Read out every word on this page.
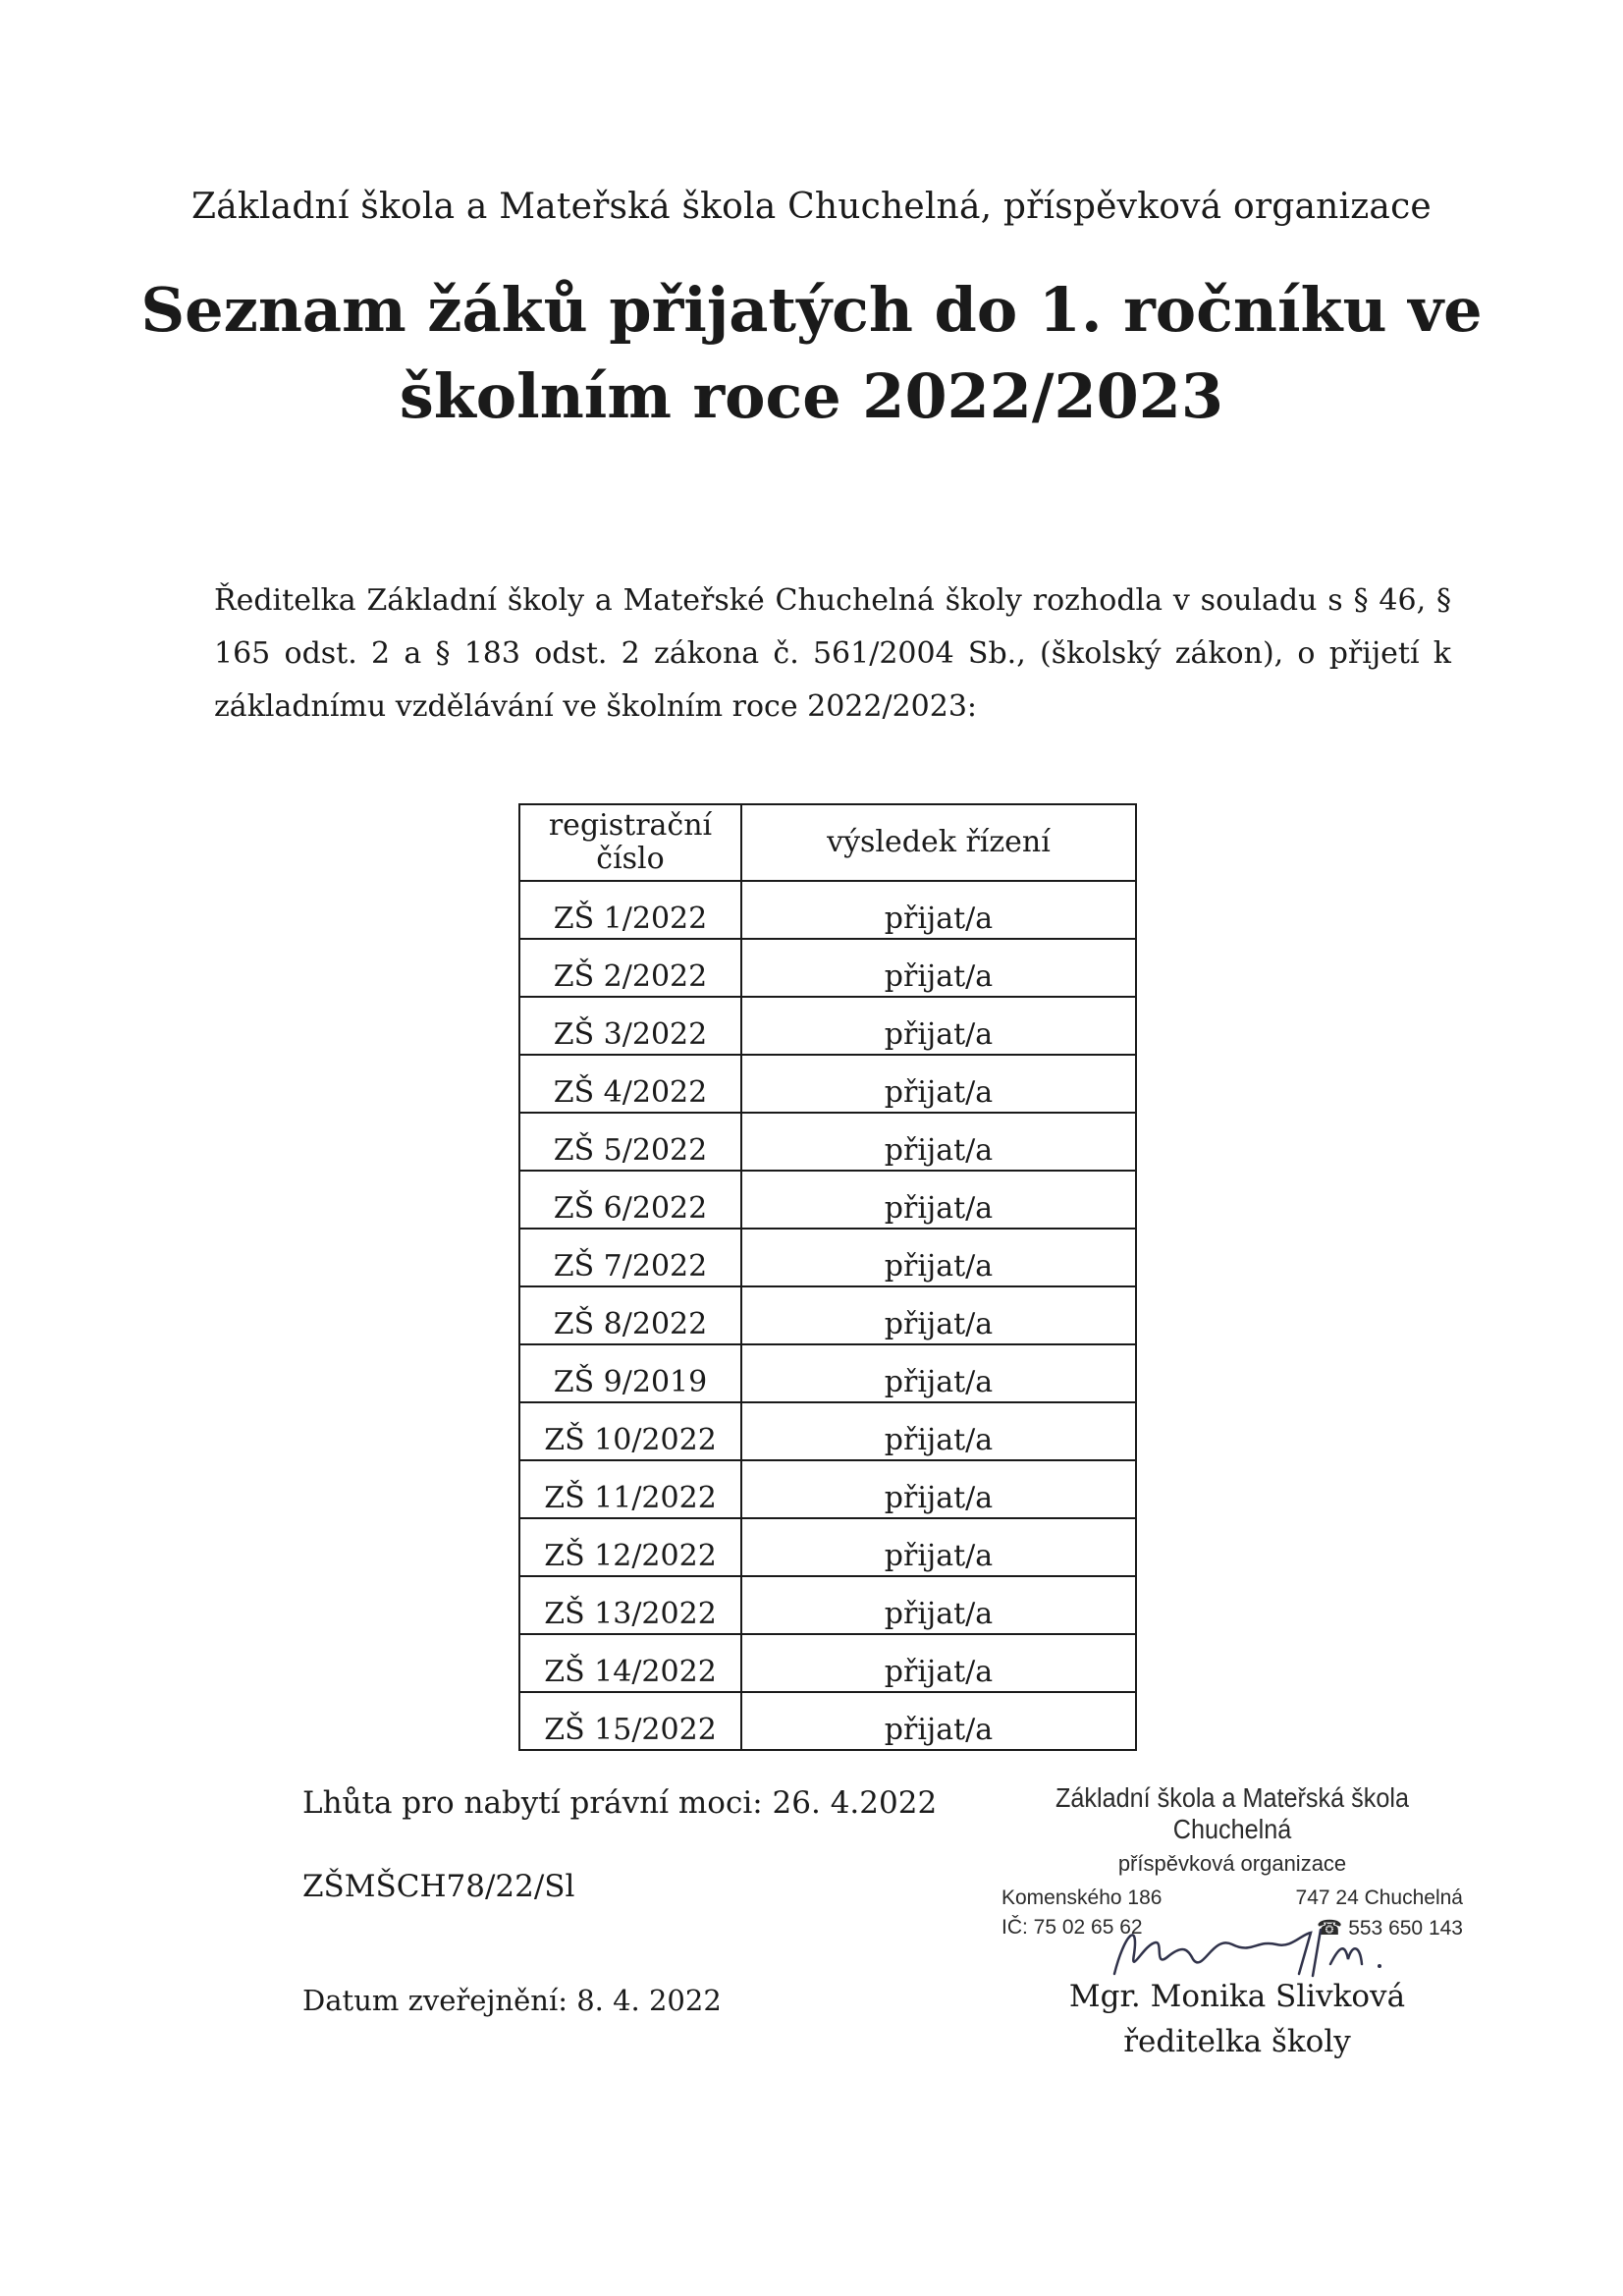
Základní škola a Mateřská škola Chuchelná, příspěvková organizace
Seznam žáků přijatých do 1. ročníku ve
školním roce 2022/2023
Ředitelka Základní školy a Mateřské Chuchelná školy rozhodla v souladu s § 46, § 165 odst. 2 a § 183 odst. 2 zákona č. 561/2004 Sb., (školský zákon), o přijetí k základnímu vzdělávání ve školním roce 2022/2023:
registrační číslo	výsledek řízení
ZŠ 1/2022	přijat/a
ZŠ 2/2022	přijat/a
ZŠ 3/2022	přijat/a
ZŠ 4/2022	přijat/a
ZŠ 5/2022	přijat/a
ZŠ 6/2022	přijat/a
ZŠ 7/2022	přijat/a
ZŠ 8/2022	přijat/a
ZŠ 9/2019	přijat/a
ZŠ 10/2022	přijat/a
ZŠ 11/2022	přijat/a
ZŠ 12/2022	přijat/a
ZŠ 13/2022	přijat/a
ZŠ 14/2022	přijat/a
ZŠ 15/2022	přijat/a
Lhůta pro nabytí právní moci: 26. 4.2022
ZŠMŠCH78/22/Sl
Datum zveřejnění: 8. 4. 2022
Základní škola a Mateřská škola Chuchelná
příspěvková organizace
Komenského 186	747 24 Chuchelná
IČ: 75 02 65 62	☎ 553 650 143
Mgr. Monika Slivková
ředitelka školy
